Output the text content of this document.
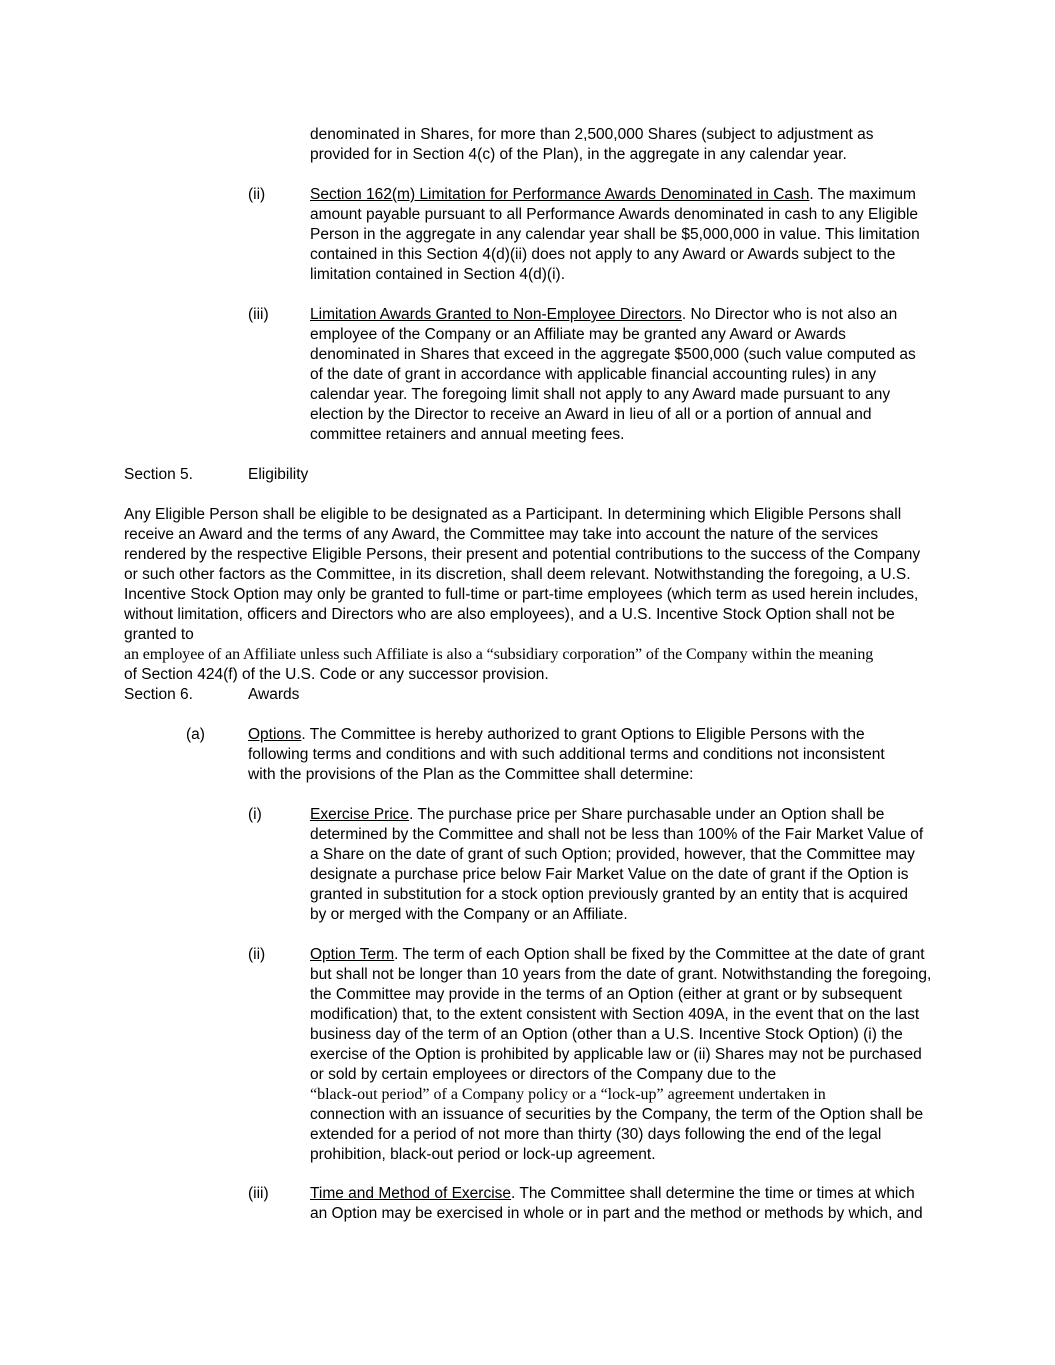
denominated in Shares, for more than 2,500,000 Shares (subject to adjustment as provided for in Section 4(c) of the Plan), in the aggregate in any calendar year.

(ii)	Section 162(m) Limitation for Performance Awards Denominated in Cash. The maximum amount payable pursuant to all Performance Awards denominated in cash to any Eligible Person in the aggregate in any calendar year shall be $5,000,000 in value. This limitation contained in this Section 4(d)(ii) does not apply to any Award or Awards subject to the limitation contained in Section 4(d)(i).

(iii)	Limitation Awards Granted to Non-Employee Directors. No Director who is not also an employee of the Company or an Affiliate may be granted any Award or Awards denominated in Shares that exceed in the aggregate $500,000 (such value computed as of the date of grant in accordance with applicable financial accounting rules) in any calendar year. The foregoing limit shall not apply to any Award made pursuant to any election by the Director to receive an Award in lieu of all or a portion of annual and committee retainers and annual meeting fees.

Section 5.	Eligibility

Any Eligible Person shall be eligible to be designated as a Participant. In determining which Eligible Persons shall receive an Award and the terms of any Award, the Committee may take into account the nature of the services rendered by the respective Eligible Persons, their present and potential contributions to the success of the Company or such other factors as the Committee, in its discretion, shall deem relevant. Notwithstanding the foregoing, a U.S. Incentive Stock Option may only be granted to full-time or part-time employees (which term as used herein includes, without limitation, officers and Directors who are also employees), and a U.S. Incentive Stock Option shall not be granted to

an employee of an Affiliate unless such Affiliate is also a “subsidiary corporation” of the Company within the meaning

of Section 424(f) of the U.S. Code or any successor provision.

Section 6.	Awards
(a)	Options. The Committee is hereby authorized to grant Options to Eligible Persons with the following terms and conditions and with such additional terms and conditions not inconsistent with the provisions of the Plan as the Committee shall determine:

(i)	Exercise Price. The purchase price per Share purchasable under an Option shall be determined by the Committee and shall not be less than 100% of the Fair Market Value of a Share on the date of grant of such Option; provided, however, that the Committee may designate a purchase price below Fair Market Value on the date of grant if the Option is granted in substitution for a stock option previously granted by an entity that is acquired by or merged with the Company or an Affiliate.

(ii)	Option Term. The term of each Option shall be fixed by the Committee at the date of grant but shall not be longer than 10 years from the date of grant. Notwithstanding the foregoing, the Committee may provide in the terms of an Option (either at grant or by subsequent modification) that, to the extent consistent with Section 409A, in the event that on the last business day of the term of an Option (other than a U.S. Incentive Stock Option) (i) the exercise of the Option is prohibited by applicable law or (ii) Shares may not be purchased or sold by certain employees or directors of the Company due to the

“black-out period” of a Company policy or a “lock-up” agreement undertaken in

connection with an issuance of securities by the Company, the term of the Option shall be extended for a period of not more than thirty (30) days following the end of the legal prohibition, black-out period or lock-up agreement.

(iii)	Time and Method of Exercise. The Committee shall determine the time or times at which an Option may be exercised in whole or in part and the method or methods by which, and
